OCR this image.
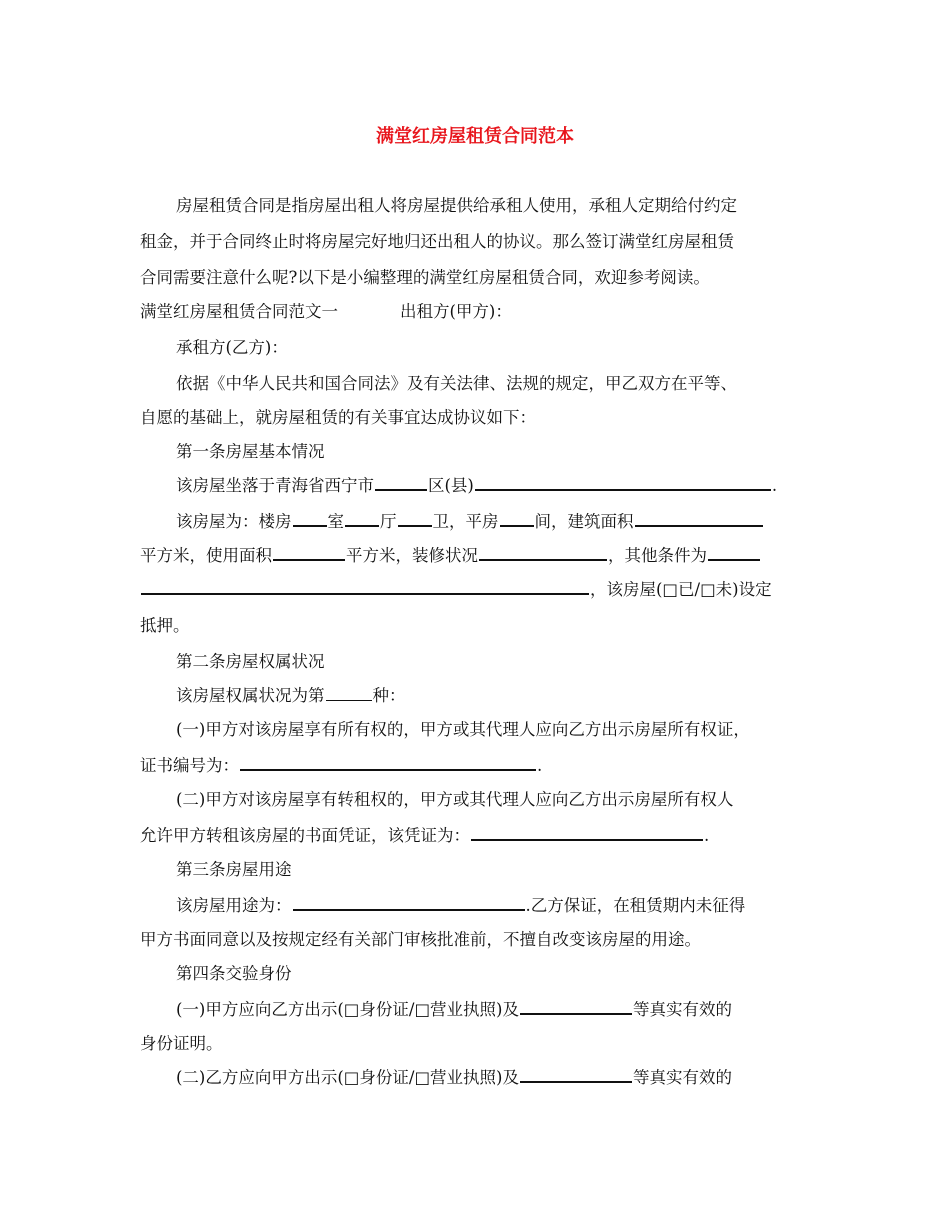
满堂红房屋租赁合同范本
房屋租赁合同是指房屋出租人将房屋提供给承租人使用，承租人定期给付约定
租金，并于合同终止时将房屋完好地归还出租人的协议。那么签订满堂红房屋租赁
合同需要注意什么呢?以下是小编整理的满堂红房屋租赁合同，欢迎参考阅读。
满堂红房屋租赁合同范文一	出租方(甲方)：
承租方(乙方)：
依据《中华人民共和国合同法》及有关法律、法规的规定，甲乙双方在平等、
自愿的基础上，就房屋租赁的有关事宜达成协议如下：
第一条房屋基本情况
该房屋坐落于青海省西宁市	区(县)	.
该房屋为：楼房 室 厅 卫，平房 间，建筑面积
平方米，使用面积	平方米，装修状况	，其他条件为
，该房屋(□已/□未)设定
抵押。
第二条房屋权属状况
该房屋权属状况为第	种：
(一)甲方对该房屋享有所有权的，甲方或其代理人应向乙方出示房屋所有权证，
证书编号为：	.
(二)甲方对该房屋享有转租权的，甲方或其代理人应向乙方出示房屋所有权人
允许甲方转租该房屋的书面凭证，该凭证为：	.
第三条房屋用途
该房屋用途为：	.乙方保证，在租赁期内未征得
甲方书面同意以及按规定经有关部门审核批准前，不擅自改变该房屋的用途。
第四条交验身份
(一)甲方应向乙方出示(□身份证/□营业执照)及	等真实有效的
身份证明。
(二)乙方应向甲方出示(□身份证/□营业执照)及	等真实有效的
